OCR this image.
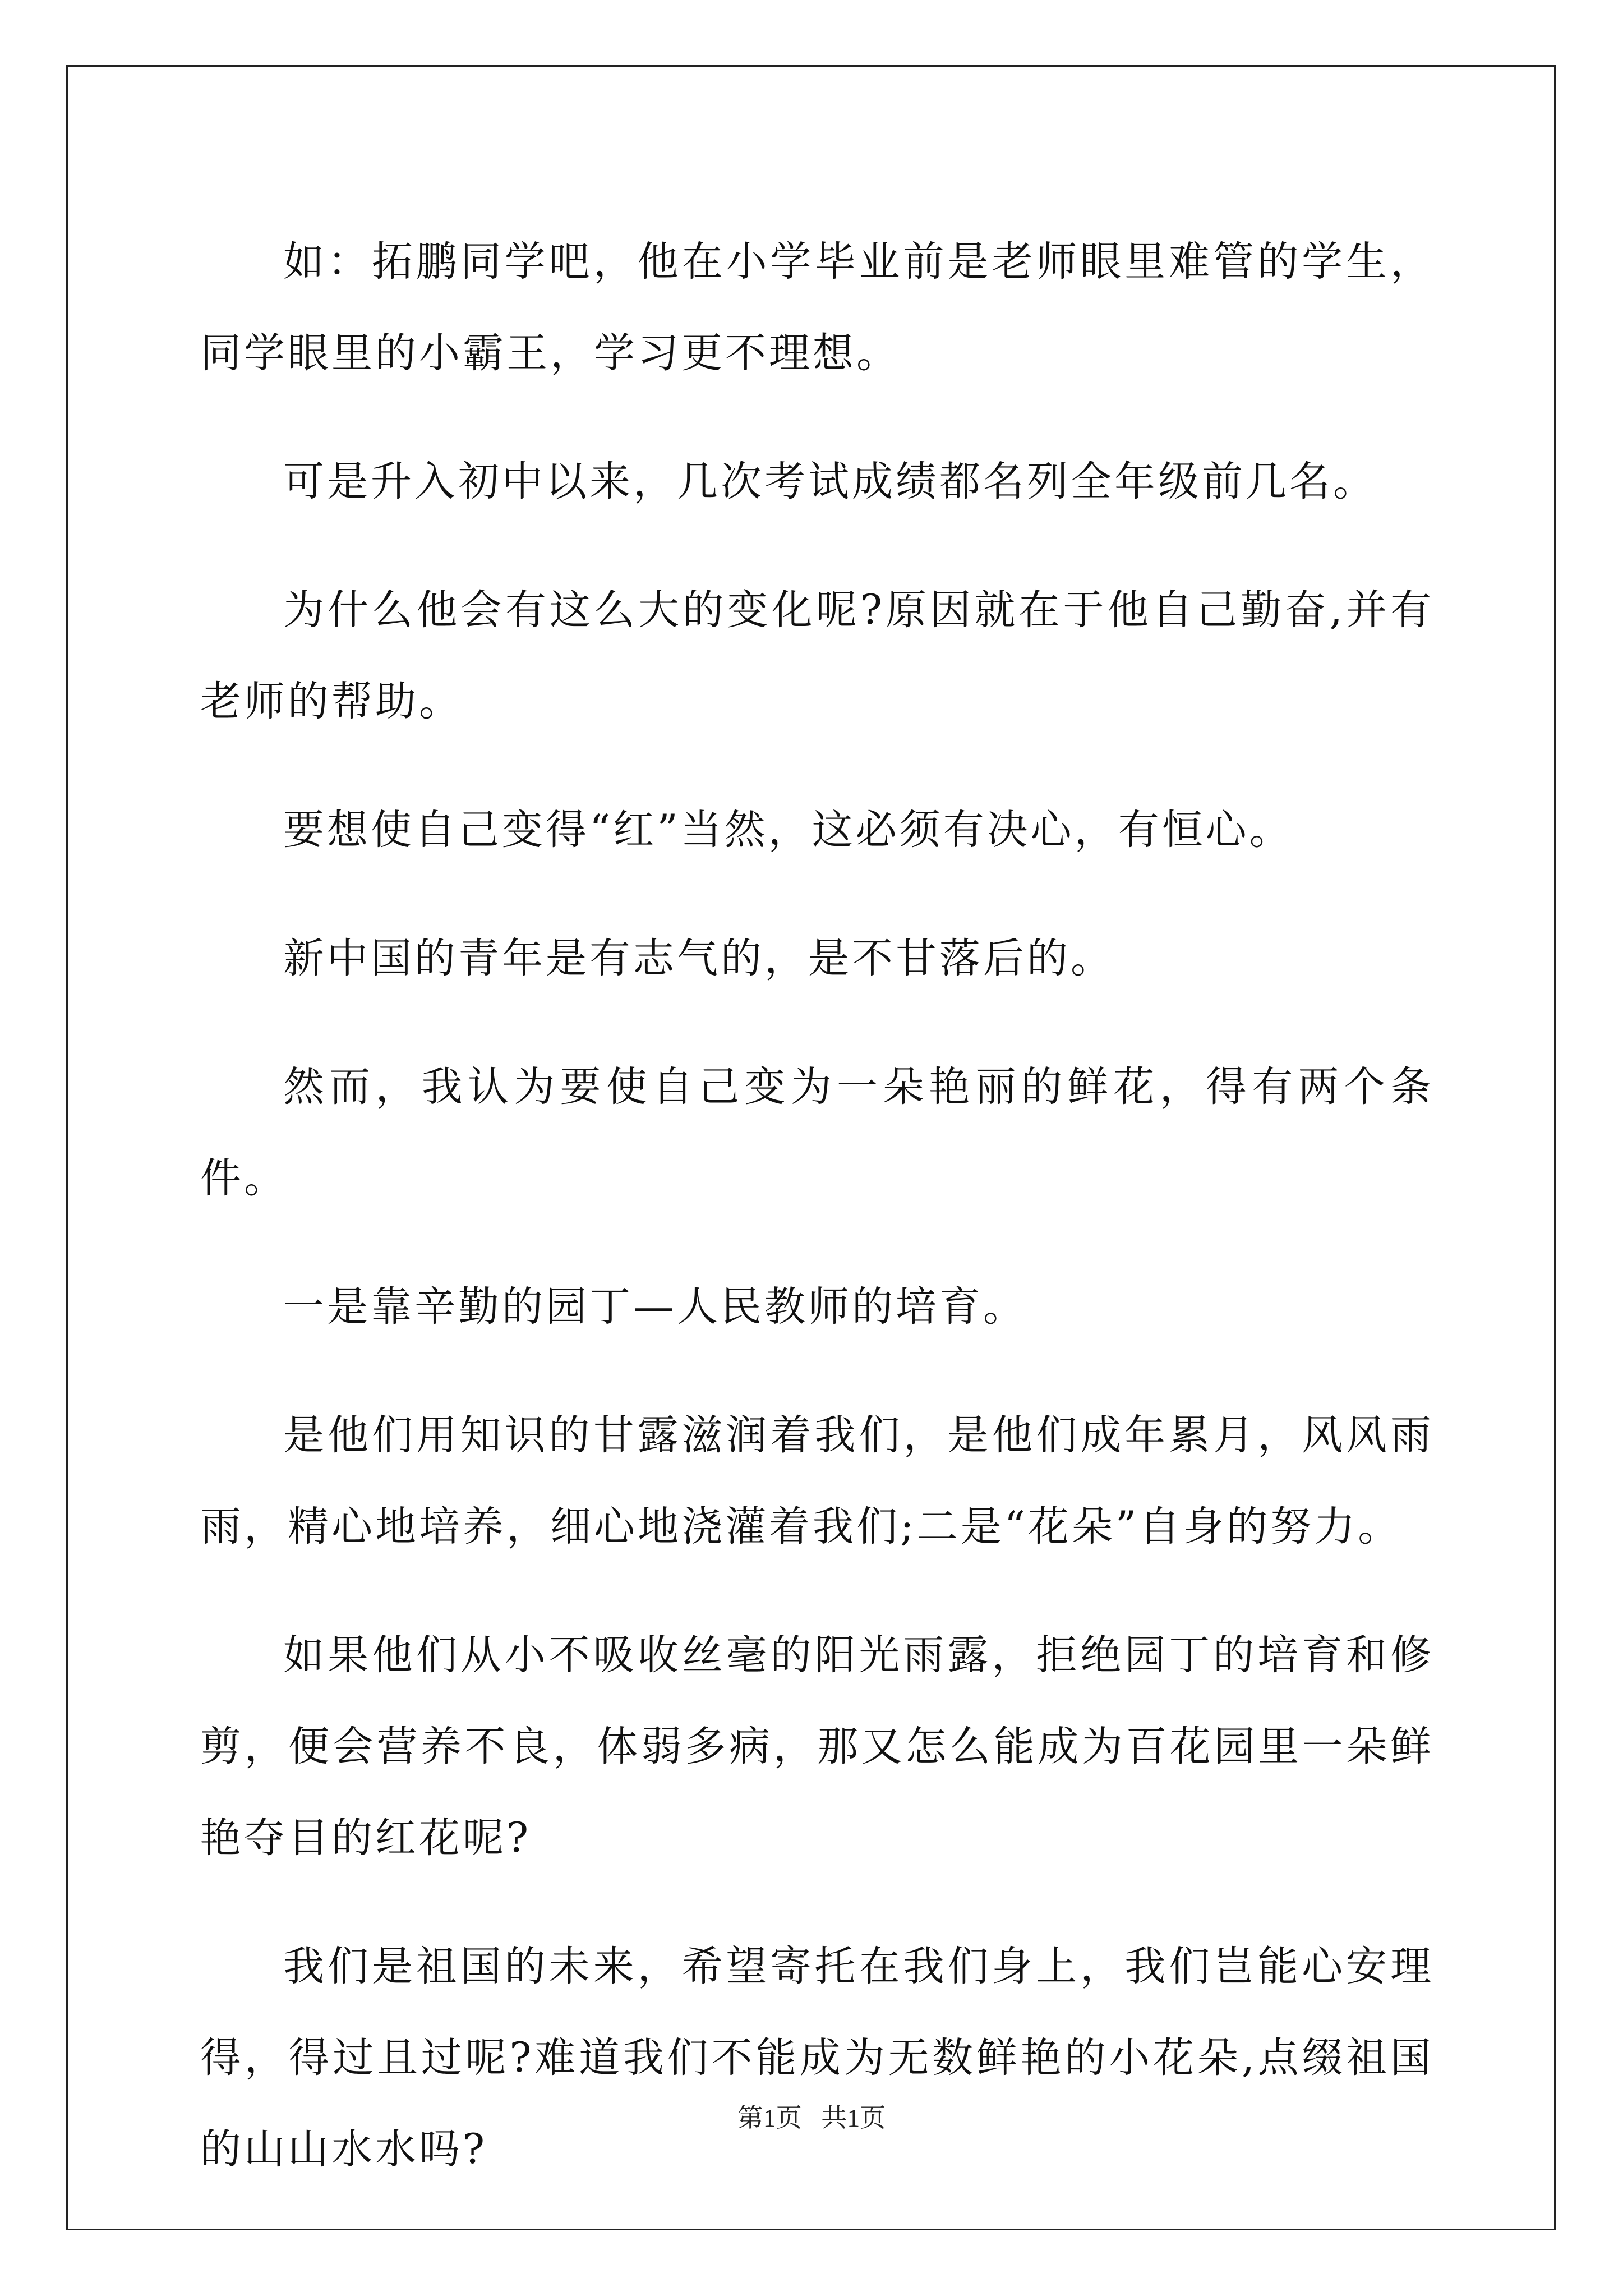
如：拓鹏同学吧，他在小学毕业前是老师眼里难管的学生，同学眼里的小霸王，学习更不理想。

可是升入初中以来，几次考试成绩都名列全年级前几名。

为什么他会有这么大的变化呢?原因就在于他自己勤奋,并有老师的帮助。

要想使自己变得“红”当然，这必须有决心，有恒心。

新中国的青年是有志气的，是不甘落后的。

然而，我认为要使自己变为一朵艳丽的鲜花，得有两个条件。

一是靠辛勤的园丁—人民教师的培育。

是他们用知识的甘露滋润着我们，是他们成年累月，风风雨雨，精心地培养，细心地浇灌着我们;二是“花朵”自身的努力。

如果他们从小不吸收丝毫的阳光雨露，拒绝园丁的培育和修剪，便会营养不良，体弱多病，那又怎么能成为百花园里一朵鲜艳夺目的红花呢?

我们是祖国的未来，希望寄托在我们身上，我们岂能心安理得，得过且过呢?难道我们不能成为无数鲜艳的小花朵,点缀祖国的山山水水吗?

第1页 共1页
